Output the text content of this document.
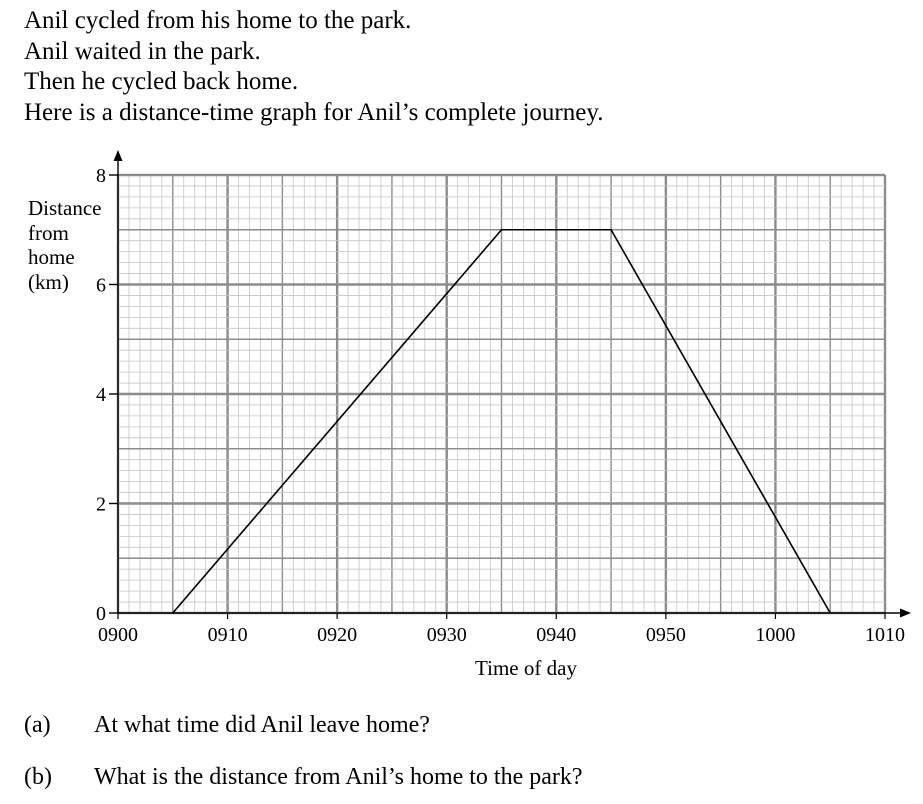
Anil cycled from his home to the park.
Anil waited in the park.
Then he cycled back home.
Here is a distance-time graph for Anil’s complete journey.
0
2
4
6
8
0900	0910	0920	0930	0940	0950	1000	1010
Time of day
Distance
from
home
(km)
(a) At what time did Anil leave home?
(b) What is the distance from Anil’s home to the park?
